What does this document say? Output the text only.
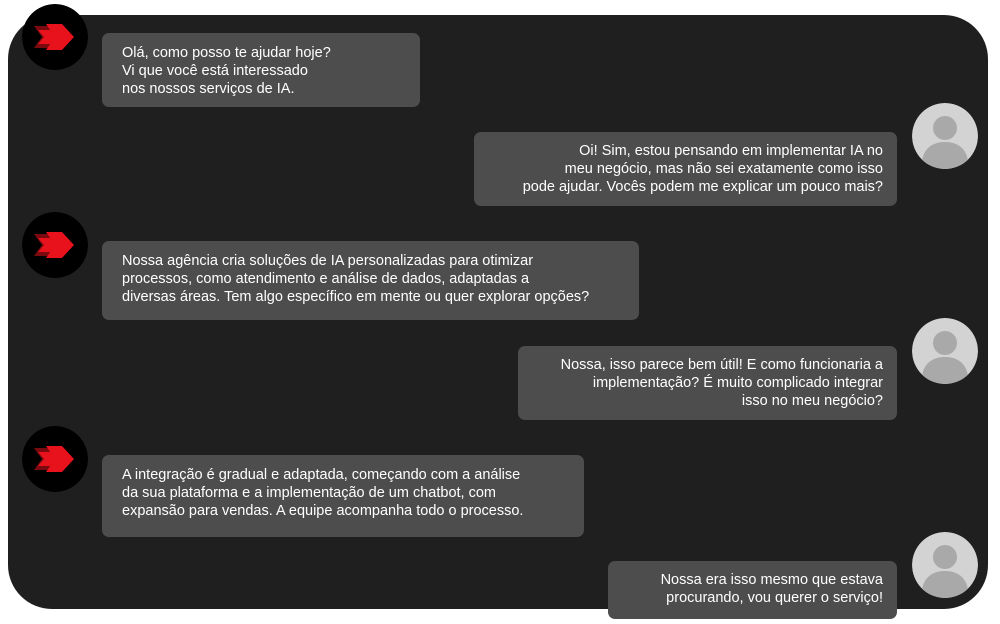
Olá, como posso te ajudar hoje?
Vi que você está interessado
nos nossos serviços de IA.
Oi! Sim, estou pensando em implementar IA no
meu negócio, mas não sei exatamente como isso
pode ajudar. Vocês podem me explicar um pouco mais?
Nossa agência cria soluções de IA personalizadas para otimizar
processos, como atendimento e análise de dados, adaptadas a
diversas áreas. Tem algo específico em mente ou quer explorar opções?
Nossa, isso parece bem útil! E como funcionaria a
implementação? É muito complicado integrar
isso no meu negócio?
A integração é gradual e adaptada, começando com a análise
da sua plataforma e a implementação de um chatbot, com
expansão para vendas. A equipe acompanha todo o processo.
Nossa era isso mesmo que estava
procurando, vou querer o serviço!
